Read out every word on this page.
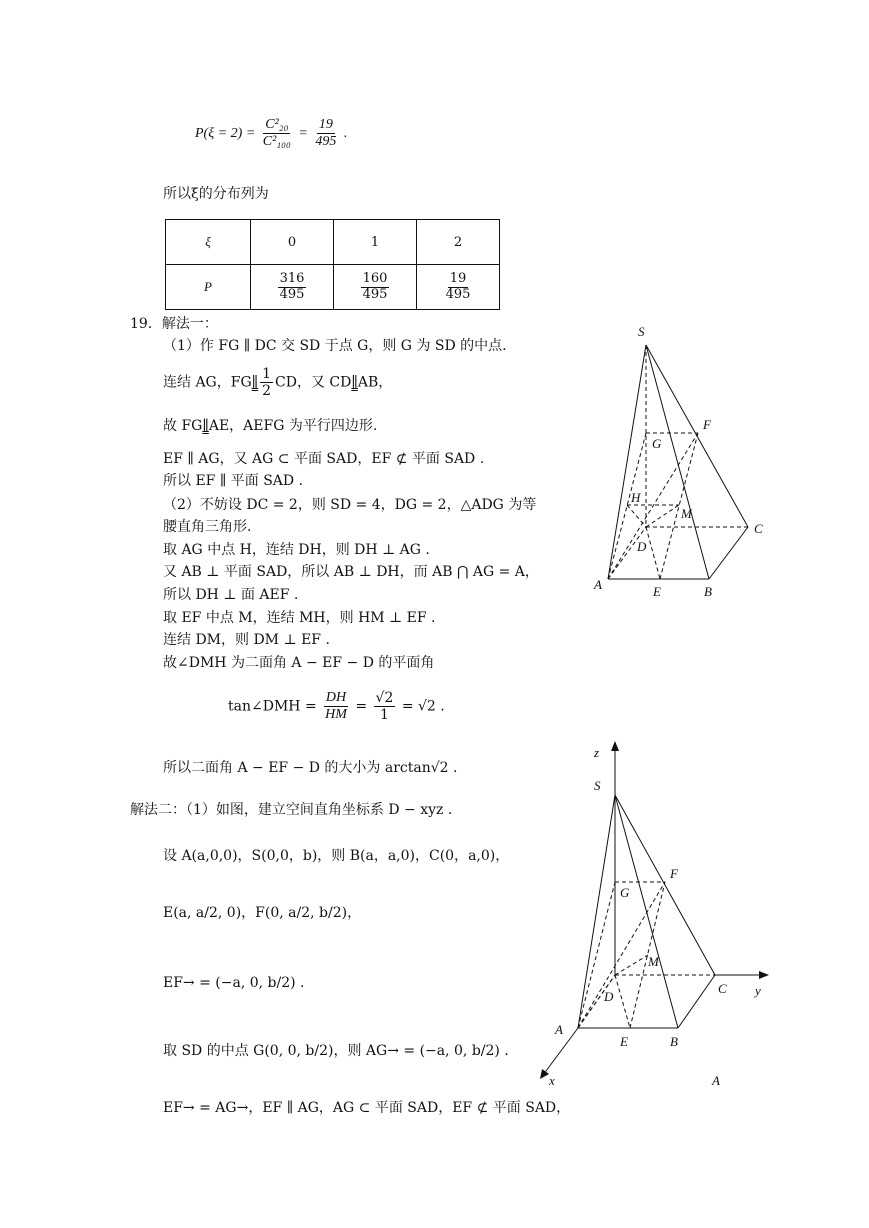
$P(\xi = 2) = \frac{\text{C²₂₀}}{\text{C²₁₀₀}} = \frac{19}{495}$ .
所以ξ的分布列为
ξ	0	1	2
P	$\frac{316}{495}$	$\frac{160}{495}$	$\frac{19}{495}$
19．解法一：
（1）作 FG ∥ DC 交 SD 于点 G，则 G 为 SD 的中点.
连结 AG，FG∥ $\frac{1}{2}$ CD，又 CD∥AB，
故 FG∥AE，AEFG 为平行四边形.
EF ∥ AG，又 AG ⊂ 平面 SAD，EF ⊄ 平面 SAD .
所以 EF ∥ 平面 SAD .
（2）不妨设 DC = 2，则 SD = 4，DG = 2，△ADG 为等
腰直角三角形.
取 AG 中点 H，连结 DH，则 DH ⊥ AG .
又 AB ⊥ 平面 SAD，所以 AB ⊥ DH，而 AB ⋂ AG = A，
所以 DH ⊥ 面 AEF .
取 EF 中点 M，连结 MH，则 HM ⊥ EF .
连结 DM，则 DM ⊥ EF .
故∠DMH 为二面角 A − EF − D 的平面角
tan∠DMH = $\frac{DH}{HM} = \frac{√2}{1} = √2$ .
所以二面角 A − EF − D 的大小为 arctan√2 .
解法二：（1）如图，建立空间直角坐标系 D − xyz .
设 A(a,0,0)，S(0,0，b)，则 B(a，a,0)，C(0，a,0)，
E(a, a/2, 0)，F(0, a/2, b/2)，
EF→ = (−a, 0, b/2) .
取 SD 的中点 G(0, 0, b/2)，则 AG→ = (−a, 0, b/2) .
EF→ = AG→，EF ∥ AG，AG ⊂ 平面 SAD，EF ⊄ 平面 SAD，
S
F
G
H
M
C
D
A	E	B
z
S
F
G
M
C y
D
A
E	B
x	A
